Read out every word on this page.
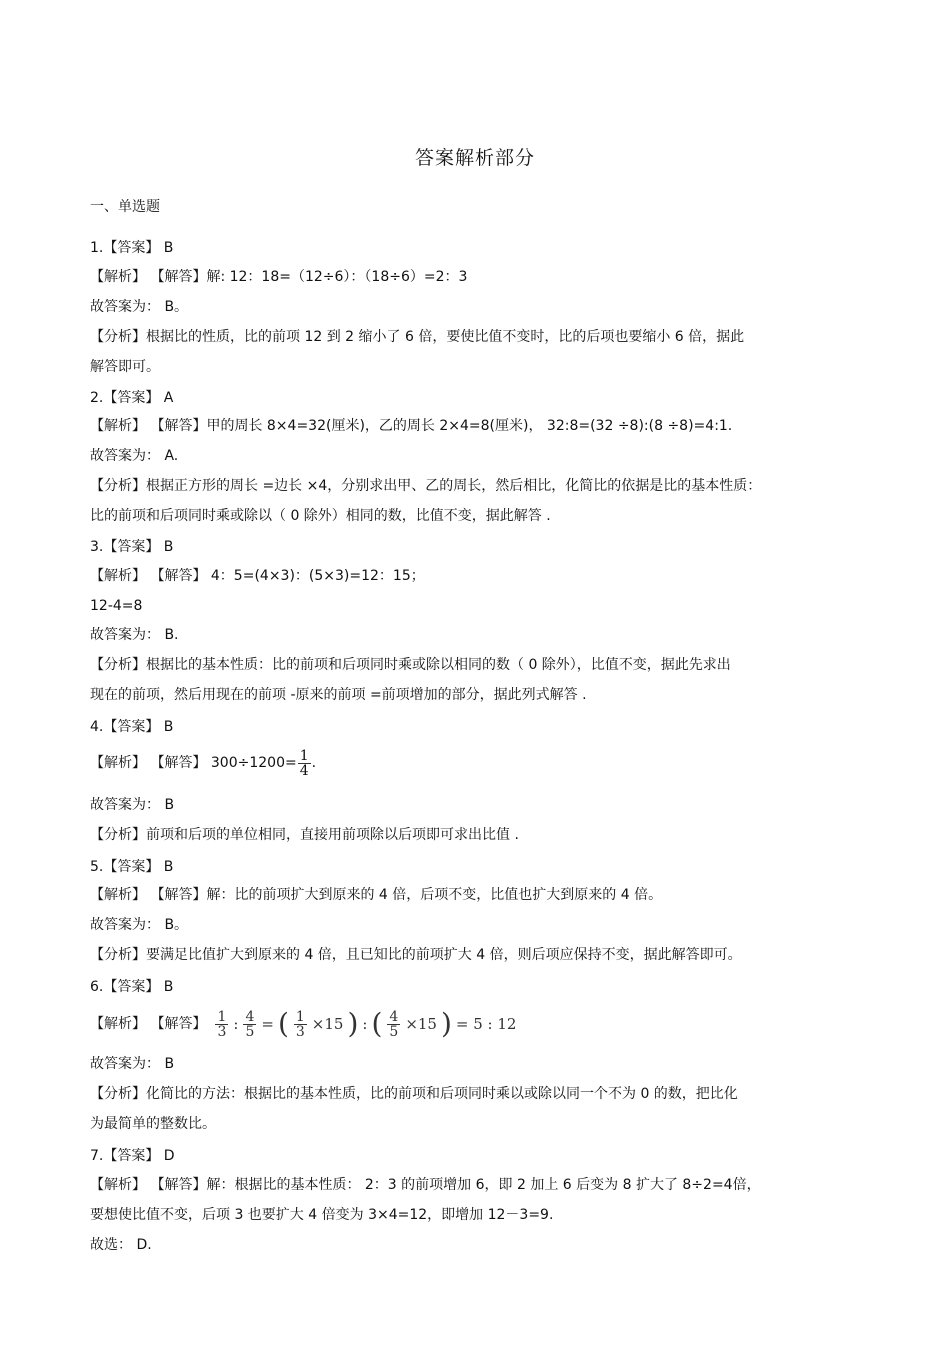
答案解析部分
一、单选题
1.【答案】 B
【解析】 【解答】解: 12：18=（12÷6）：（18÷6）=2：3
故答案为： B。
【分析】根据比的性质，比的前项 12 到 2 缩小了 6 倍，要使比值不变时，比的后项也要缩小 6 倍，据此
解答即可。
2.【答案】 A
【解析】 【解答】甲的周长 8×4=32(厘米)，乙的周长 2×4=8(厘米)， 32:8=(32 ÷8):(8 ÷8)=4:1.
故答案为： A.
【分析】根据正方形的周长 =边长 ×4，分别求出甲、乙的周长，然后相比，化简比的依据是比的基本性质：
比的前项和后项同时乘或除以（ 0 除外）相同的数，比值不变，据此解答 .
3.【答案】 B
【解析】 【解答】 4：5=(4×3)：(5×3)=12：15；
12-4=8
故答案为： B.
【分析】根据比的基本性质：比的前项和后项同时乘或除以相同的数（ 0 除外），比值不变，据此先求出
现在的前项，然后用现在的前项 -原来的前项 =前项增加的部分，据此列式解答 .
4.【答案】 B
【解析】 【解答】 $300\div 1200= \frac{1}{4}$ .
故答案为： B
【分析】前项和后项的单位相同，直接用前项除以后项即可求出比值 .
5.【答案】 B
【解析】 【解答】解：比的前项扩大到原来的 4 倍，后项不变，比值也扩大到原来的 4 倍。
故答案为： B。
【分析】要满足比值扩大到原来的 4 倍，且已知比的前项扩大 4 倍，则后项应保持不变，据此解答即可。
6.【答案】 B
【解析】 【解答】 $\frac{1}{3}$ : $\frac{4}{5}$ = ( $\frac{1}{3} \times 15$ ) : ( $\frac{4}{5} \times 15$ ) = 5 : 12
故答案为： B
【分析】化简比的方法：根据比的基本性质，比的前项和后项同时乘以或除以同一个不为 0 的数，把比化
为最简单的整数比。
7.【答案】 D
【解析】 【解答】解：根据比的基本性质： 2：3 的前项增加 6，即 2 加上 6 后变为 8 扩大了 8÷2=4倍，
要想使比值不变，后项 3 也要扩大 4 倍变为 3×4=12，即增加 12－3=9.
故选： D.
